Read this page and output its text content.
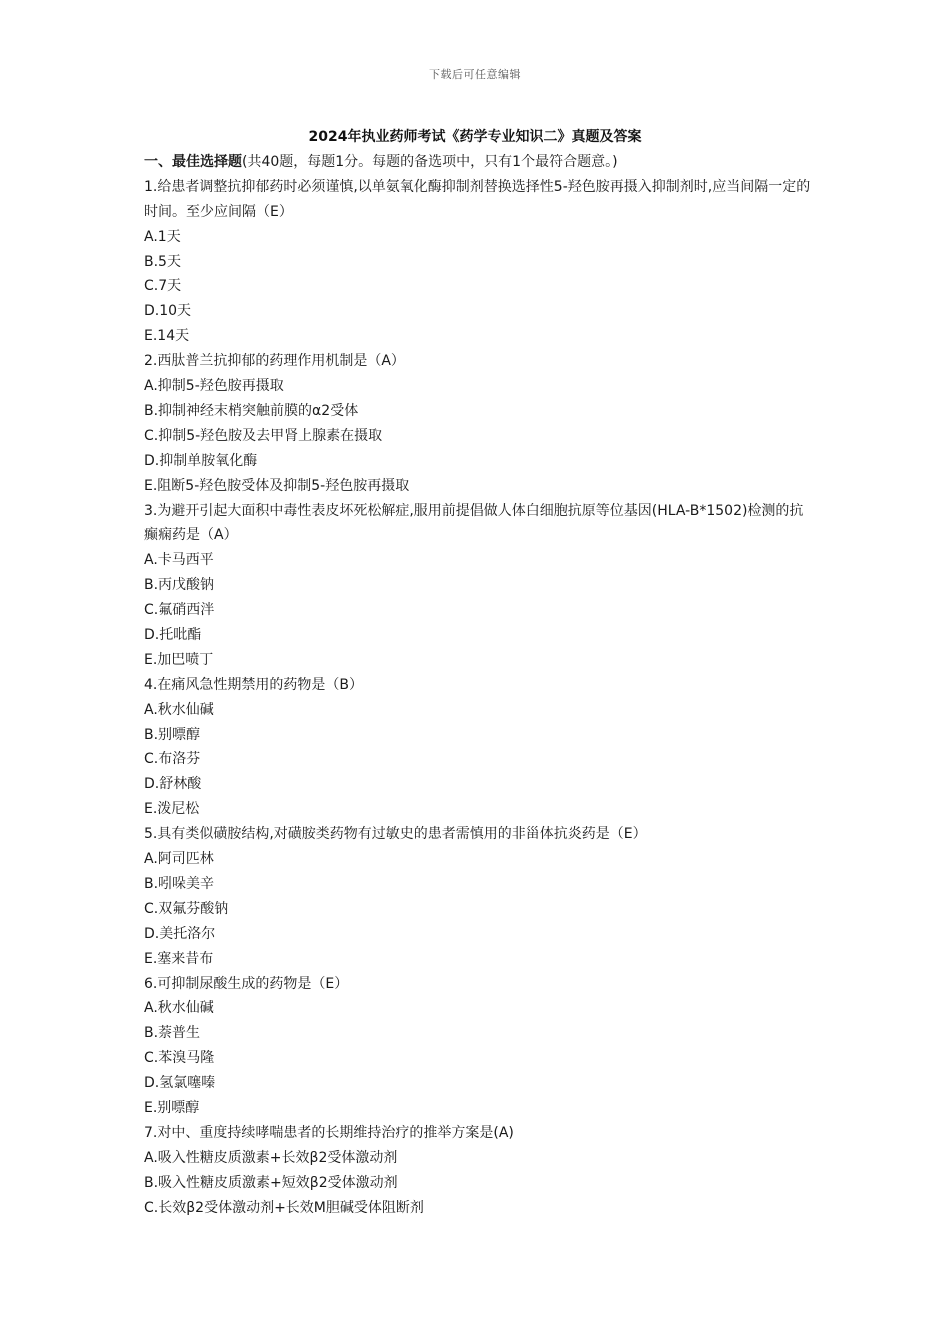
下载后可任意编辑
2024年执业药师考试《药学专业知识二》真题及答案
一、最佳选择题(共40题，每题1分。每题的备选项中，只有1个最符合题意。)
1.给患者调整抗抑郁药时必须谨慎,以单氨氧化酶抑制剂替换选择性5-羟色胺再摄入抑制剂时,应当间隔一定的时间。至少应间隔（E）
A.1天
B.5天
C.7天
D.10天
E.14天
2.西肽普兰抗抑郁的药理作用机制是（A）
A.抑制5-羟色胺再摄取
B.抑制神经末梢突触前膜的α2受体
C.抑制5-羟色胺及去甲肾上腺素在摄取
D.抑制单胺氧化酶
E.阻断5-羟色胺受体及抑制5-羟色胺再摄取
3.为避开引起大面积中毒性表皮坏死松解症,服用前提倡做人体白细胞抗原等位基因(HLA-B*1502)检测的抗癫痫药是（A）
A.卡马西平
B.丙戊酸钠
C.氟硝西泮
D.托吡酯
E.加巴喷丁
4.在痛风急性期禁用的药物是（B）
A.秋水仙碱
B.别嘌醇
C.布洛芬
D.舒林酸
E.泼尼松
5.具有类似磺胺结构,对磺胺类药物有过敏史的患者需慎用的非甾体抗炎药是（E）
A.阿司匹林
B.吲哚美辛
C.双氟芬酸钠
D.美托洛尔
E.塞来昔布
6.可抑制尿酸生成的药物是（E）
A.秋水仙碱
B.萘普生
C.苯溴马隆
D.氢氯噻嗪
E.别嘌醇
7.对中、重度持续哮喘患者的长期维持治疗的推举方案是(A)
A.吸入性糖皮质激素+长效β2受体激动剂
B.吸入性糖皮质激素+短效β2受体激动剂
C.长效β2受体激动剂+长效M胆碱受体阻断剂
